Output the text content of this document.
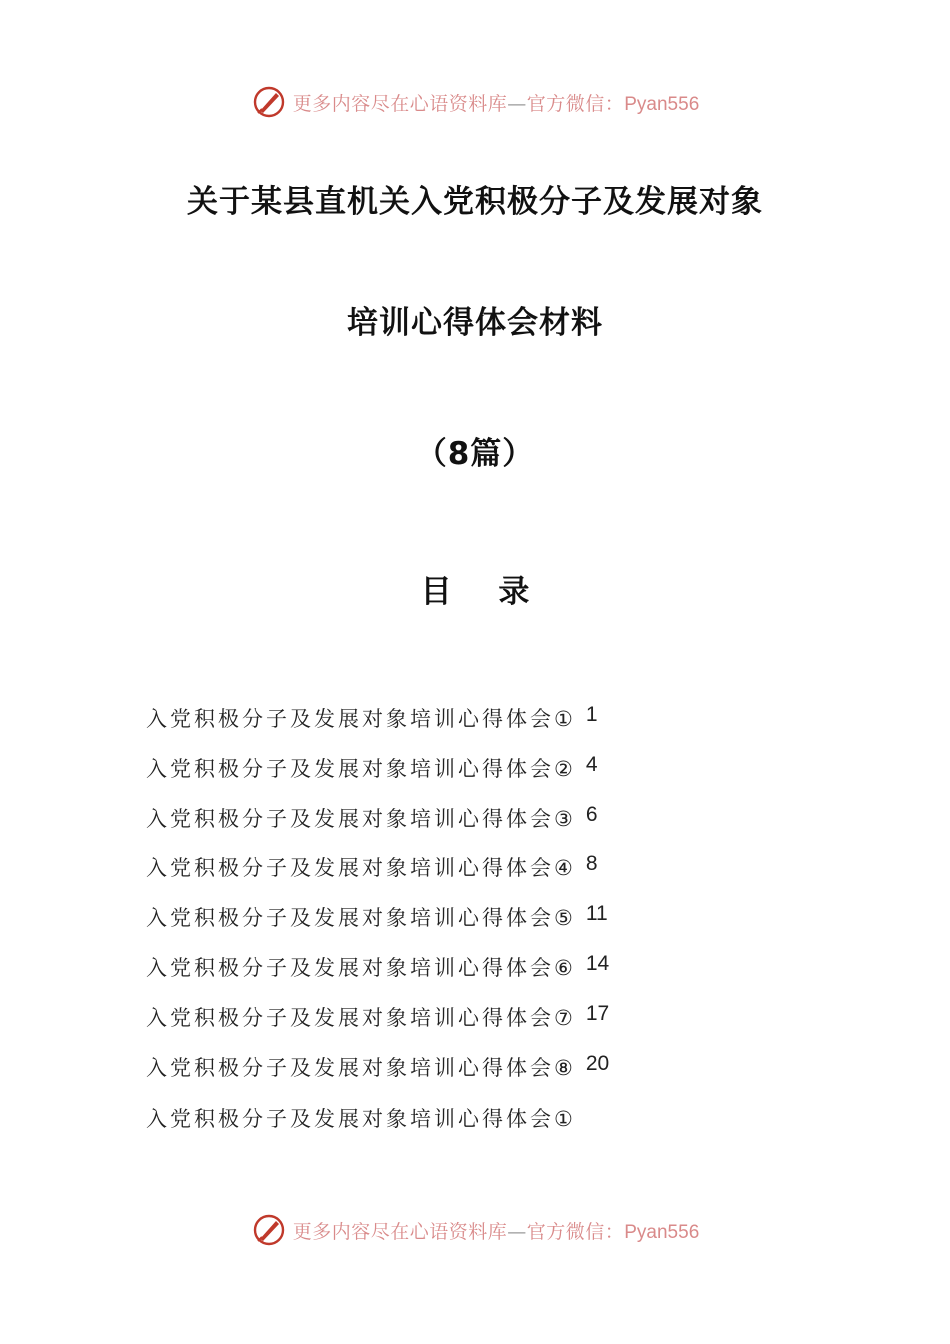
更多内容尽在心语资料库—官方微信：Pyan556
关于某县直机关入党积极分子及发展对象
培训心得体会材料
（8篇）
目 录
入党积极分子及发展对象培训心得体会① 1
入党积极分子及发展对象培训心得体会② 4
入党积极分子及发展对象培训心得体会③ 6
入党积极分子及发展对象培训心得体会④ 8
入党积极分子及发展对象培训心得体会⑤ 11
入党积极分子及发展对象培训心得体会⑥ 14
入党积极分子及发展对象培训心得体会⑦ 17
入党积极分子及发展对象培训心得体会⑧ 20
入党积极分子及发展对象培训心得体会①
更多内容尽在心语资料库—官方微信：Pyan556
